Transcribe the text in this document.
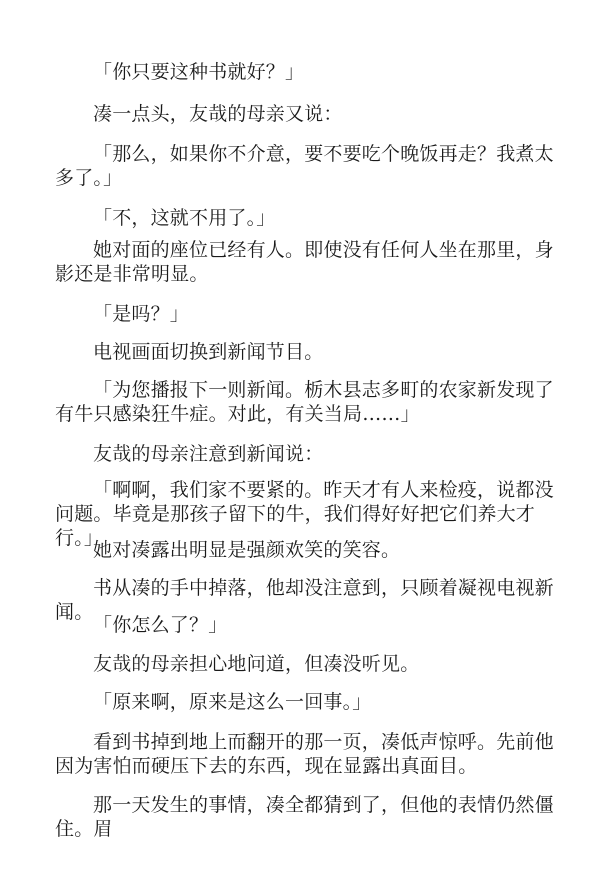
「你只要这种书就好？」

凑一点头，友哉的母亲又说：

「那么，如果你不介意，要不要吃个晚饭再走？我煮太多了。」

「不，这就不用了。」

她对面的座位已经有人。即使没有任何人坐在那里，身影还是非常明显。

「是吗？」

电视画面切换到新闻节目。

「为您播报下一则新闻。栃木县志多町的农家新发现了有牛只感染狂牛症。对此，有关当局……」

友哉的母亲注意到新闻说：

「啊啊，我们家不要紧的。昨天才有人来检疫，说都没问题。毕竟是那孩子留下的牛，我们得好好把它们养大才行。」

她对凑露出明显是强颜欢笑的笑容。

书从凑的手中掉落，他却没注意到，只顾着凝视电视新闻。

「你怎么了？」

友哉的母亲担心地问道，但凑没听见。

「原来啊，原来是这么一回事。」

看到书掉到地上而翻开的那一页，凑低声惊呼。先前他因为害怕而硬压下去的东西，现在显露出真面目。

那一天发生的事情，凑全都猜到了，但他的表情仍然僵住。眉
